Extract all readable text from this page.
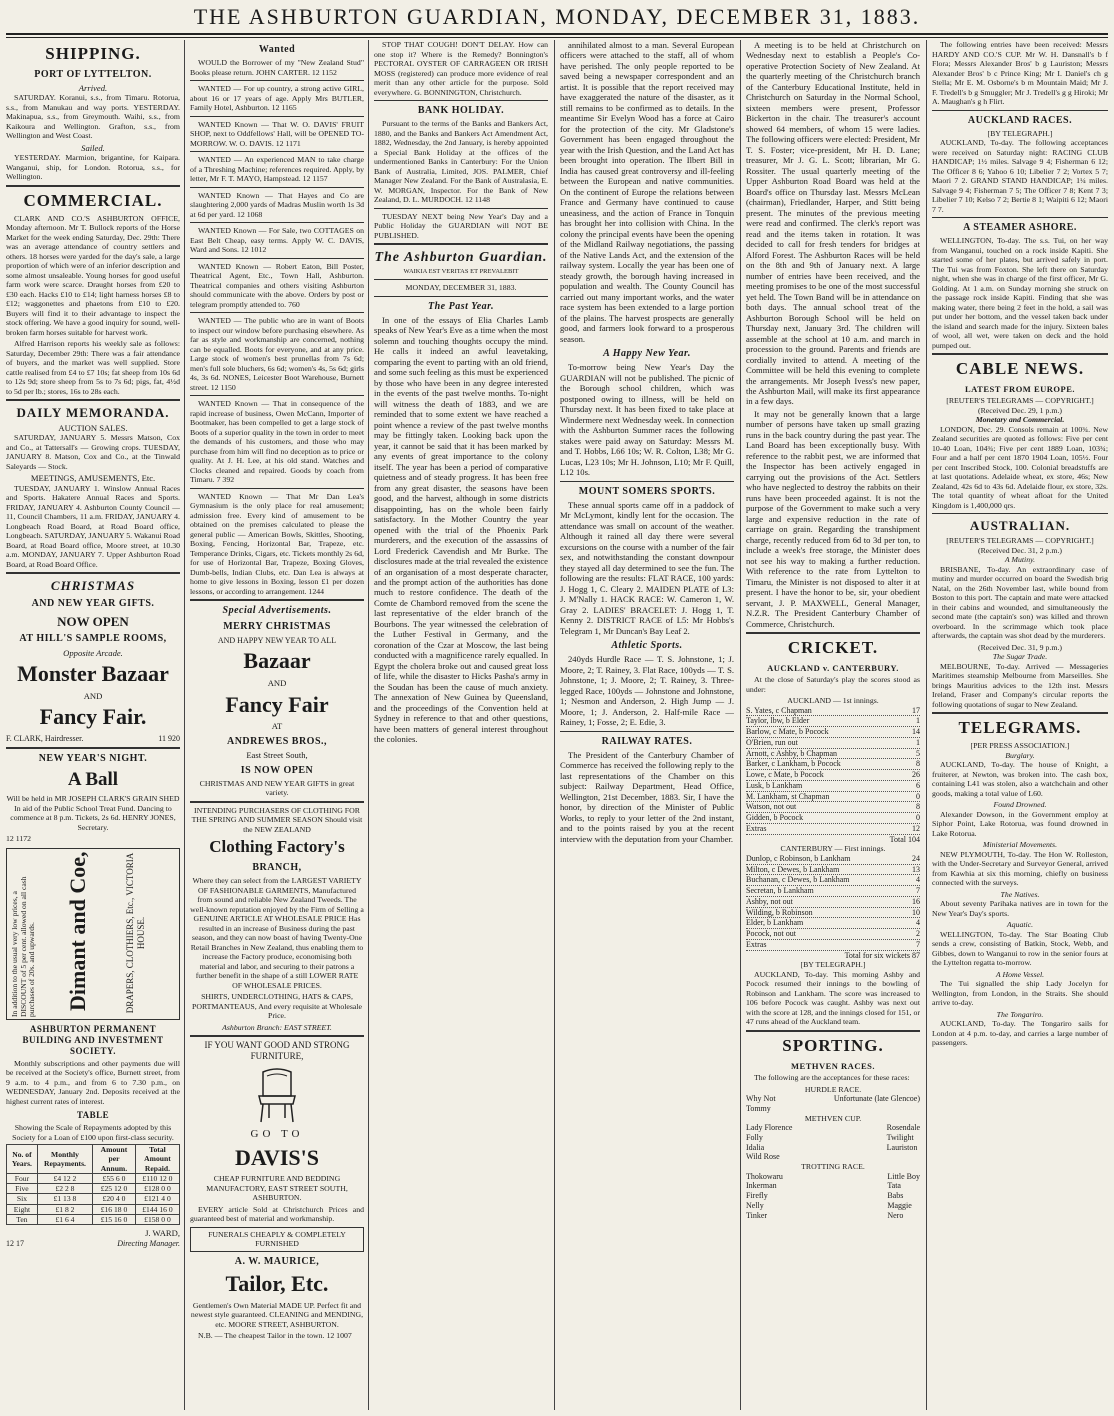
THE ASHBURTON GUARDIAN, MONDAY, DECEMBER 31, 1883.
SHIPPING.
PORT OF LYTTELTON.
Arrived.

SATURDAY. Koranui, s.s., from Timaru. Rotorua, s.s., from Manukau and way ports. YESTERDAY. Makinapua, s.s., from Greymouth. Waihi, s.s., from Kaikoura and Wellington. Grafton, s.s., from Wellington and West Coast.

Sailed.

YESTERDAY. Marmion, brigantine, for Kaipara. Wanganui, ship, for London. Rotorua, s.s., for Wellington.

COMMERCIAL.

CLARK AND CO.'S ASHBURTON OFFICE, Monday afternoon. Mr T. Bullock reports of the Horse Market for the week ending Saturday, Dec. 29th: There was an average attendance of country settlers and others. 18 horses were yarded for the day's sale, a large proportion of which were of an inferior description and some almost unsaleable. Young horses for good useful farm work were scarce. Draught horses from £20 to £30 each. Hacks £10 to £14; light harness horses £8 to £12; waggonettes and phaetons from £10 to £20. Buyers will find it to their advantage to inspect the stock offering. We have a good inquiry for sound, well-broken farm horses suitable for harvest work.

Alfred Harrison reports his weekly sale as follows: Saturday, December 29th: There was a fair attendance of buyers, and the market was well supplied. Store cattle realised from £4 to £7 10s; fat sheep from 10s 6d to 12s 9d; store sheep from 5s to 7s 6d; pigs, fat, 4½d to 5d per lb.; stores, 16s to 28s each.

DAILY MEMORANDA.
AUCTION SALES.

SATURDAY, JANUARY 5. Messrs Matson, Cox and Co., at Tattersall's — Growing crops. TUESDAY, JANUARY 8. Matson, Cox and Co., at the Tinwald Saleyards — Stock.

MEETINGS, AMUSEMENTS, Etc.

TUESDAY, JANUARY 1. Winslow Annual Races and Sports. Hakatere Annual Races and Sports. FRIDAY, JANUARY 4. Ashburton County Council — 11, Council Chambers, 11 a.m. FRIDAY, JANUARY 4. Longbeach Road Board, at Road Board office, Longbeach. SATURDAY, JANUARY 5. Wakanui Road Board, at Road Board office, Moore street, at 10.30 a.m. MONDAY, JANUARY 7. Upper Ashburton Road Board, at Road Board Office.

CHRISTMAS
AND NEW YEAR GIFTS.
NOW OPEN
AT HILL'S SAMPLE ROOMS,
Opposite Arcade.
Monster Bazaar
AND
Fancy Fair.
F. CLARK, Hairdresser.	11 920
NEW YEAR'S NIGHT.
A Ball

Will be held in MR JOSEPH CLARK'S GRAIN SHED In aid of the Public School Treat Fund. Dancing to commence at 8 p.m. Tickets, 2s 6d. HENRY JONES, Secretary.

12 1172
In addition to the usual very low prices, a DISCOUNT of 5 per cent. allowed on all cash purchases of 20s. and upwards. Dimant and Coe,	DRAPERS, CLOTHIERS, Etc., VICTORIA HOUSE.
ASHBURTON PERMANENT BUILDING AND INVESTMENT SOCIETY.

Monthly subscriptions and other payments due will be received at the Society's office, Burnett street, from 9 a.m. to 4 p.m., and from 6 to 7.30 p.m., on WEDNESDAY, January 2nd. Deposits received at the highest current rates of interest.

TABLE

Showing the Scale of Repayments adopted by this Society for a Loan of £100 upon first-class security.

No. of Years.	Monthly Repayments.	Amount per Annum.	Total Amount Repaid.
Four	£4 12 2	£55 6 0	£110 12 0
Five	£2 2 8	£25 12 0	£128 0 0
Six	£1 13 8	£20 4 0	£121 4 0
Eight	£1 8 2	£16 18 0	£144 16 0
Ten	£1 6 4	£15 16 0	£158 0 0
J. WARD,
12 17	Directing Manager.
Wanted

WOULD the Borrower of my "New Zealand Stud" Books please return. JOHN CARTER. 12 1152

WANTED — For up country, a strong active GIRL, about 16 or 17 years of age. Apply Mrs BUTLER, Family Hotel, Ashburton. 12 1165

WANTED Known — That W. O. DAVIS' FRUIT SHOP, next to Oddfellows' Hall, will be OPENED TO-MORROW. W. O. DAVIS. 12 1171

WANTED — An experienced MAN to take charge of a Threshing Machine; references required. Apply, by letter, Mr F. T. MAYO, Hampstead. 12 1157

WANTED Known — That Hayes and Co are slaughtering 2,000 yards of Madras Muslin worth 1s 3d at 6d per yard. 12 1068

WANTED Known — For Sale, two COTTAGES on East Belt Cheap, easy terms. Apply W. C. DAVIS, Ward and Sons. 12 1012

WANTED Known — Robert Eaton, Bill Poster, Theatrical Agent, Etc., Town Hall, Ashburton. Theatrical companies and others visiting Ashburton should communicate with the above. Orders by post or telegram promptly attended to. 760

WANTED — The public who are in want of Boots to inspect our window before purchasing elsewhere. As far as style and workmanship are concerned, nothing can be equalled. Boots for everyone, and at any price. Large stock of women's best prunellas from 7s 6d; men's full sole bluchers, 6s 6d; women's 4s, 5s 6d; girls 4s, 3s 6d. NONES, Leicester Boot Warehouse, Burnett street. 12 1150

WANTED Known — That in consequence of the rapid increase of business, Owen McCann, Importer of Bootmaker, has been compelled to get a large stock of Boots of a superior quality in the town in order to meet the demands of his customers, and those who may purchase from him will find no deception as to price or quality. At J. H. Lee, at his old stand. Watches and Clocks cleaned and repaired. Goods by coach from Timaru. 7 392

WANTED Known — That Mr Dan Lea's Gymnasium is the only place for real amusement; admission free. Every kind of amusement to be obtained on the premises calculated to please the general public — American Bowls, Skittles, Shooting, Boxing, Fencing, Horizontal Bar, Trapeze, etc. Temperance Drinks, Cigars, etc. Tickets monthly 2s 6d, for use of Horizontal Bar, Trapeze, Boxing Gloves, Dumb-bells, Indian Clubs, etc. Dan Lea is always at home to give lessons in Boxing, lesson £1 per dozen lessons, or according to arrangement. 1244

Special Advertisements.
MERRY CHRISTMAS
AND HAPPY NEW YEAR TO ALL
Bazaar
AND
Fancy Fair
AT
ANDREWES BROS.,
East Street South,
IS NOW OPEN
CHRISTMAS AND NEW YEAR GIFTS in great variety.

INTENDING PURCHASERS OF CLOTHING FOR THE SPRING AND SUMMER SEASON Should visit the NEW ZEALAND

Clothing Factory's
BRANCH,

Where they can select from the LARGEST VARIETY OF FASHIONABLE GARMENTS, Manufactured from sound and reliable New Zealand Tweeds. The well-known reputation enjoyed by the Firm of Selling a GENUINE ARTICLE AT WHOLESALE PRICE Has resulted in an increase of Business during the past season, and they can now boast of having Twenty-One Retail Branches in New Zealand, thus enabling them to increase the Factory produce, economising both material and labor, and securing to their patrons a further benefit in the shape of a still LOWER RATE OF WHOLESALE PRICES.

SHIRTS, UNDERCLOTHING, HATS & CAPS, PORTMANTEAUS, And every requisite at Wholesale Price.

Ashburton Branch: EAST STREET.
IF YOU WANT GOOD AND STRONG FURNITURE,
GO TO
DAVIS'S

CHEAP FURNITURE AND BEDDING MANUFACTORY, EAST STREET SOUTH, ASHBURTON.

EVERY article Sold at Christchurch Prices and guaranteed best of material and workmanship.

FUNERALS CHEAPLY & COMPLETELY FURNISHED
A. W. MAURICE,
Tailor, Etc.

Gentlemen's Own Material MADE UP. Perfect fit and newest style guaranteed. CLEANING and MENDING, etc. MOORE STREET, ASHBURTON.

N.B. — The cheapest Tailor in the town. 12 1007

STOP THAT COUGH! DON'T DELAY. How can one stop it? Where is the Remedy? Bonnington's PECTORAL OYSTER OF CARRAGEEN OR IRISH MOSS (registered) can produce more evidence of real merit than any other article for the purpose. Sold everywhere. G. BONNINGTON, Christchurch.

BANK HOLIDAY.

Pursuant to the terms of the Banks and Bankers Act, 1880, and the Banks and Bankers Act Amendment Act, 1882, Wednesday, the 2nd January, is hereby appointed a Special Bank Holiday at the offices of the undermentioned Banks in Canterbury: For the Union Bank of Australia, Limited, JOS. PALMER, Chief Manager New Zealand. For the Bank of Australasia, E. W. MORGAN, Inspector. For the Bank of New Zealand, D. L. MURDOCH. 12 1148

TUESDAY NEXT being New Year's Day and a Public Holiday the GUARDIAN will NOT BE PUBLISHED.

The Ashburton Guardian.
WAIKIA EST VERITAS ET PREVALEBIT
MONDAY, DECEMBER 31, 1883.
The Past Year.

In one of the essays of Elia Charles Lamb speaks of New Year's Eve as a time when the most solemn and touching thoughts occupy the mind. He calls it indeed an awful leavetaking, comparing the event to parting with an old friend, and some such feeling as this must be experienced by those who have been in any degree interested in the events of the past twelve months. To-night will witness the death of 1883, and we are reminded that to some extent we have reached a point whence a review of the past twelve months may be fittingly taken. Looking back upon the year, it cannot be said that it has been marked by any events of great importance to the colony itself. The year has been a period of comparative quietness and of steady progress. It has been free from any great disaster, the seasons have been good, and the harvest, although in some districts disappointing, has on the whole been fairly satisfactory. In the Mother Country the year opened with the trial of the Phoenix Park murderers, and the execution of the assassins of Lord Frederick Cavendish and Mr Burke. The disclosures made at the trial revealed the existence of an organisation of a most desperate character, and the prompt action of the authorities has done much to restore confidence. The death of the Comte de Chambord removed from the scene the last representative of the elder branch of the Bourbons. The year witnessed the celebration of the Luther Festival in Germany, and the coronation of the Czar at Moscow, the last being conducted with a magnificence rarely equalled. In Egypt the cholera broke out and caused great loss of life, while the disaster to Hicks Pasha's army in the Soudan has been the cause of much anxiety. The annexation of New Guinea by Queensland, and the proceedings of the Convention held at Sydney in reference to that and other questions, have been matters of general interest throughout the colonies.

annihilated almost to a man. Several European officers were attached to the staff, all of whom have perished. The only people reported to be saved being a newspaper correspondent and an artist. It is possible that the report received may have exaggerated the nature of the disaster, as it still remains to be confirmed as to details. In the meantime Sir Evelyn Wood has a force at Cairo for the protection of the city. Mr Gladstone's Government has been engaged throughout the year with the Irish Question, and the Land Act has been brought into operation. The Ilbert Bill in India has caused great controversy and ill-feeling between the European and native communities. On the continent of Europe the relations between France and Germany have continued to cause uneasiness, and the action of France in Tonquin has brought her into collision with China. In the colony the principal events have been the opening of the Midland Railway negotiations, the passing of the Native Lands Act, and the extension of the railway system. Locally the year has been one of steady growth, the borough having increased in population and wealth. The County Council has carried out many important works, and the water race system has been extended to a large portion of the plains. The harvest prospects are generally good, and farmers look forward to a prosperous season.

A Happy New Year.

To-morrow being New Year's Day the GUARDIAN will not be published. The picnic of the Borough school children, which was postponed owing to illness, will be held on Thursday next. It has been fixed to take place at Windermere next Wednesday week. In connection with the Ashburton Summer races the following stakes were paid away on Saturday: Messrs M. and T. Hobbs, L66 10s; W. R. Colton, L38; Mr G. Lucas, L23 10s; Mr H. Johnson, L10; Mr F. Quill, L12 10s.

MOUNT SOMERS SPORTS.

These annual sports came off in a paddock of Mr McLymont, kindly lent for the occasion. The attendance was small on account of the weather. Although it rained all day there were several excursions on the course with a number of the fair sex, and notwithstanding the constant downpour they stayed all day determined to see the fun. The following are the results: FLAT RACE, 100 yards: J. Hogg 1, C. Cleary 2. MAIDEN PLATE of L3: J. M'Nally 1. HACK RACE: W. Cameron 1, W. Gray 2. LADIES' BRACELET: J. Hogg 1, T. Kenny 2. DISTRICT RACE of L5: Mr Hobbs's Telegram 1, Mr Duncan's Bay Leaf 2.

Athletic Sports.

240yds Hurdle Race — T. S. Johnstone, 1; J. Moore, 2; T. Rainey, 3. Flat Race, 100yds — T. S. Johnstone, 1; J. Moore, 2; T. Rainey, 3. Three-legged Race, 100yds — Johnstone and Johnstone, 1; Nesmon and Anderson, 2. High Jump — J. Moore, 1; J. Anderson, 2. Half-mile Race — Rainey, 1; Fosse, 2; E. Edie, 3.

RAILWAY RATES.

The President of the Canterbury Chamber of Commerce has received the following reply to the last representations of the Chamber on this subject: Railway Department, Head Office, Wellington, 21st December, 1883. Sir, I have the honor, by direction of the Minister of Public Works, to reply to your letter of the 2nd instant, and to the points raised by you at the recent interview with the deputation from your Chamber.

A meeting is to be held at Christchurch on Wednesday next to establish a People's Co-operative Protection Society of New Zealand. At the quarterly meeting of the Christchurch branch of the Canterbury Educational Institute, held in Christchurch on Saturday in the Normal School, sixteen members were present, Professor Bickerton in the chair. The treasurer's account showed 64 members, of whom 15 were ladies. The following officers were elected: President, Mr T. S. Foster; vice-president, Mr H. D. Lane; treasurer, Mr J. G. L. Scott; librarian, Mr G. Rossiter. The usual quarterly meeting of the Upper Ashburton Road Board was held at the Board's office on Thursday last. Messrs McLean (chairman), Friedlander, Harper, and Stitt being present. The minutes of the previous meeting were read and confirmed. The clerk's report was read and the items taken in rotation. It was decided to call for fresh tenders for bridges at Alford Forest. The Ashburton Races will be held on the 8th and 9th of January next. A large number of entries have been received, and the meeting promises to be one of the most successful yet held. The Town Band will be in attendance on both days. The annual school treat of the Ashburton Borough School will be held on Thursday next, January 3rd. The children will assemble at the school at 10 a.m. and march in procession to the ground. Parents and friends are cordially invited to attend. A meeting of the Committee will be held this evening to complete the arrangements. Mr Joseph Ivess's new paper, the Ashburton Mail, will make its first appearance in a few days.

It may not be generally known that a large number of persons have taken up small grazing runs in the back country during the past year. The Land Board has been exceptionally busy. With reference to the rabbit pest, we are informed that the Inspector has been actively engaged in carrying out the provisions of the Act. Settlers who have neglected to destroy the rabbits on their runs have been proceeded against. It is not the purpose of the Government to make such a very large and expensive reduction in the rate of carriage on grain. Regarding the transhipment charge, recently reduced from 6d to 3d per ton, to include a week's free storage, the Minister does not see his way to making a further reduction. With reference to the rate from Lyttelton to Timaru, the Minister is not disposed to alter it at present. I have the honor to be, sir, your obedient servant, J. P. MAXWELL, General Manager, N.Z.R. The President Canterbury Chamber of Commerce, Christchurch.

CRICKET.
AUCKLAND v. CANTERBURY.

At the close of Saturday's play the scores stood as under:

AUCKLAND — 1st innings.
S. Yates, c Chapman	17
Taylor, lbw, b Elder	1
Barlow, c Mate, b Pocock	14
O'Brien, run out	1
Arnott, c Ashby, b Chapman	5
Barker, c Lankham, b Pocock	8
Lowe, c Mate, b Pocock	26
Lusk, b Lankham	6
M. Lankham, st Chapman	0
Watson, not out	8
Gidden, b Pocock	0
Extras	12
Total 104
CANTERBURY — First innings.
Dunlop, c Robinson, b Lankham	24
Milton, c Dewes, b Lankham	13
Buchanan, c Dewes, b Lankham	4
Secretan, b Lankham	7
Ashby, not out	16
Wilding, b Robinson	10
Elder, b Lankham	4
Pocock, not out	2
Extras	7
Total for six wickets 87
[BY TELEGRAPH.]

AUCKLAND, To-day. This morning Ashby and Pocock resumed their innings to the bowling of Robinson and Lankham. The score was increased to 106 before Pocock was caught. Ashby was next out with the score at 128, and the innings closed for 151, or 47 runs ahead of the Auckland team.

SPORTING.
METHVEN RACES.

The following are the acceptances for these races:

HURDLE RACE.
Why Not
Tommy
Unfortunate (late Glencoe)
METHVEN CUP.
Lady Florence
Folly
Idalia
Wild Rose
Rosendale
Twilight
Lauriston
TROTTING RACE.
Thokowaru
Inkerman
Firefly
Nelly
Tinker
Little Boy
Tata
Babs
Maggie
Nero

The following entries have been received: Messrs HARDY AND CO.'S CUP. Mr W. H. Dansnall's b f Flora; Messrs Alexander Bros' b g Lauriston; Messrs Alexander Bros' b c Prince King; Mr I. Daniel's ch g Stella; Mr E. M. Osborne's b m Mountain Maid; Mr J. F. Tredell's b g Smuggler; Mr J. Tredell's g g Hiroki; Mr A. Maughan's g h Flirt.

AUCKLAND RACES.
[BY TELEGRAPH.]

AUCKLAND, To-day. The following acceptances were received on Saturday night: RACING CLUB HANDICAP; 1½ miles. Salvage 9 4; Fisherman 6 12; The Officer 8 6; Yahoo 6 10; Libelier 7 2; Vortex 5 7; Maori 7 2. GRAND STAND HANDICAP; 1¼ miles. Salvage 9 4; Fisherman 7 5; The Officer 7 8; Kent 7 3; Libelier 7 10; Kelso 7 2; Bertie 8 1; Waipiti 6 12; Maori 7 7.

A STEAMER ASHORE.

WELLINGTON, To-day. The s.s. Tui, on her way from Wanganui, touched on a rock inside Kapiti. She started some of her plates, but arrived safely in port. The Tui was from Foxton. She left there on Saturday night, when she was in charge of the first officer, Mr G. Golding. At 1 a.m. on Sunday morning she struck on the passage rock inside Kapiti. Finding that she was making water, there being 2 feet in the hold, a sail was put under her bottom, and the vessel taken back under the island and search made for the injury. Sixteen bales of wool, all wet, were taken on deck and the hold pumped out.

CABLE NEWS.
LATEST FROM EUROPE.
[REUTER'S TELEGRAMS — COPYRIGHT.] (Received Dec. 29, 1 p.m.)
Monetary and Commercial.

LONDON, Dec. 29. Consols remain at 100¾. New Zealand securities are quoted as follows: Five per cent 10-40 Loan, 104¾; Five per cent 1889 Loan, 103¾; Four and a half per cent 1870 1904 Loan, 105½. Four per cent Inscribed Stock, 100. Colonial breadstuffs are at last quotations. Adelaide wheat, ex store, 46s; New Zealand, 42s 6d to 43s 6d. Adelaide flour, ex store, 32s. The total quantity of wheat afloat for the United Kingdom is 1,400,000 qrs.

AUSTRALIAN.
[REUTER'S TELEGRAMS — COPYRIGHT.] (Received Dec. 31, 2 p.m.)
A Mutiny.

BRISBANE, To-day. An extraordinary case of mutiny and murder occurred on board the Swedish brig Natal, on the 26th November last, while bound from Boston to this port. The captain and mate were attacked in their cabins and wounded, and simultaneously the second mate (the captain's son) was killed and thrown overboard. In the scrimmage which took place afterwards, the captain was shot dead by the murderers.

(Received Dec. 31, 9 p.m.)
The Sugar Trade.

MELBOURNE, To-day. Arrived — Messageries Maritimes steamship Melbourne from Marseilles. She brings Mauritius advices to the 12th inst. Messrs Ireland, Fraser and Company's circular reports the following quotations of sugar to New Zealand.

TELEGRAMS.
[PER PRESS ASSOCIATION.]
Burglary.

AUCKLAND, To-day. The house of Knight, a fruiterer, at Newton, was broken into. The cash box, containing L41 was stolen, also a watchchain and other goods, making a total value of L60.

Found Drowned.

Alexander Dowson, in the Government employ at Siphor Point, Lake Rotorua, was found drowned in Lake Rotorua.

Ministerial Movements.

NEW PLYMOUTH, To-day. The Hon W. Rolleston, with the Under-Secretary and Surveyor General, arrived from Kawhia at six this morning, chiefly on business connected with the surveys.

The Natives.

About seventy Parihaka natives are in town for the New Year's Day's sports.

Aquatic.

WELLINGTON, To-day. The Star Boating Club sends a crew, consisting of Batkin, Stock, Webb, and Gibbes, down to Wanganui to row in the senior fours at the Lyttelton regatta to-morrow.

A Home Vessel.

The Tui signalled the ship Lady Jocelyn for Wellington, from London, in the Straits. She should arrive to-day.

The Tongariro.

AUCKLAND, To-day. The Tongariro sails for London at 4 p.m. to-day, and carries a large number of passengers.
